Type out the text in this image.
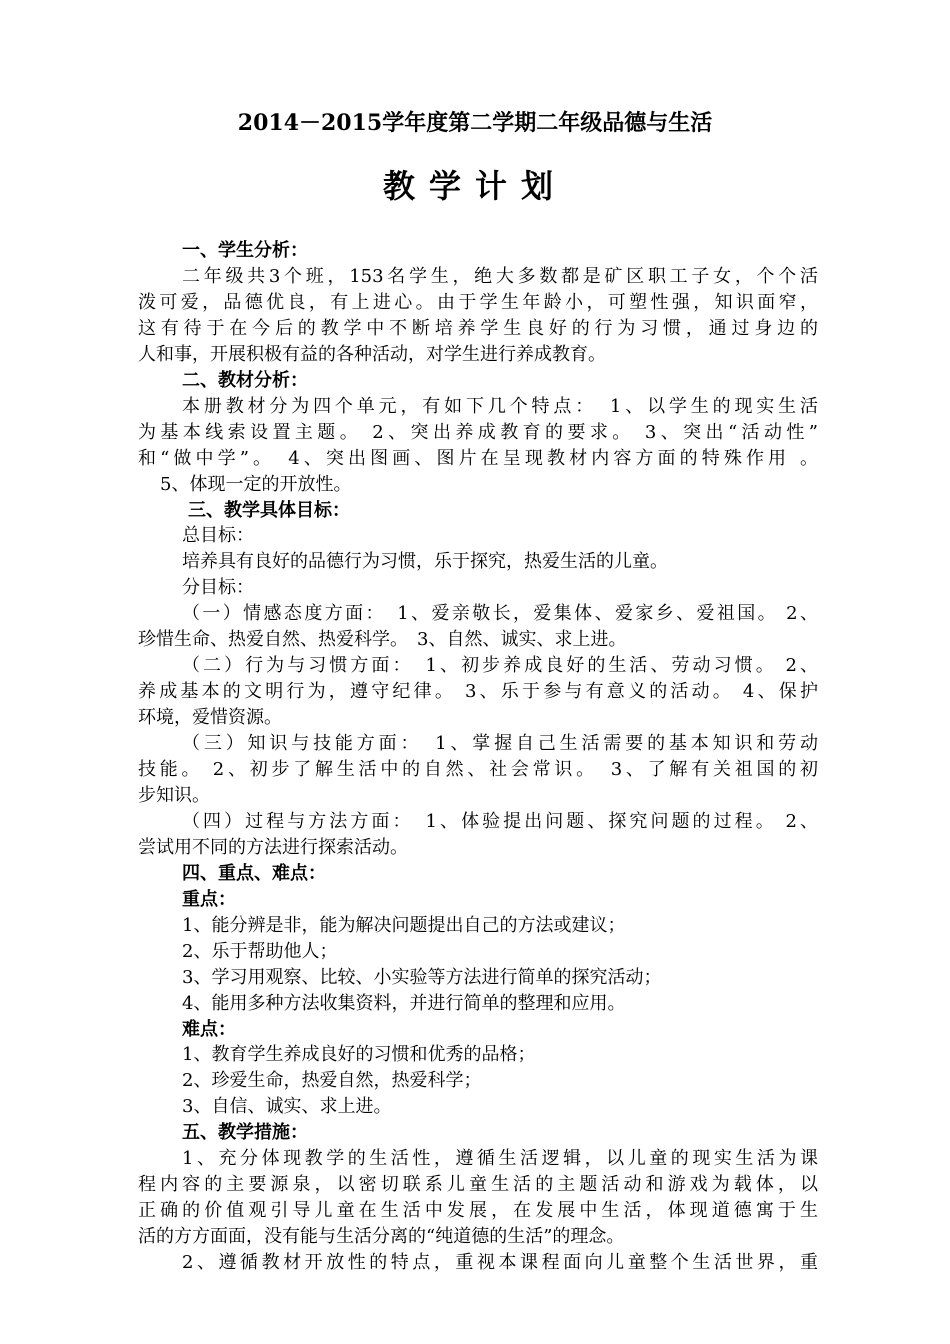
2014－2015学年度第二学期二年级品德与生活
教学计划
一、学生分析：
二年级共3个班，153名学生，绝大多数都是矿区职工子女，个个活
泼可爱，品德优良，有上进心。由于学生年龄小，可塑性强，知识面窄，
这有待于在今后的教学中不断培养学生良好的行为习惯，通过身边的
人和事，开展积极有益的各种活动，对学生进行养成教育。
二、教材分析：
本册教材分为四个单元，有如下几个特点：　1、以学生的现实生活
为基本线索设置主题。 2、突出养成教育的要求。 3、突出“活动性”
和“做中学”。　4、突出图画、图片在呈现教材内容方面的特殊作用 。
5、体现一定的开放性。
三、教学具体目标：
总目标：
培养具有良好的品德行为习惯，乐于探究，热爱生活的儿童。
分目标：
（一）情感态度方面：　1、爱亲敬长，爱集体、爱家乡、爱祖国。 2、
珍惜生命、热爱自然、热爱科学。　3、自然、诚实、求上进。
（二）行为与习惯方面：　1、初步养成良好的生活、劳动习惯。 2、
养成基本的文明行为，遵守纪律。 3、乐于参与有意义的活动。 4、保护
环境，爱惜资源。
（三）知识与技能方面：　1、掌握自己生活需要的基本知识和劳动
技能。 2、初步了解生活中的自然、社会常识。　3、了解有关祖国的初
步知识。
（四）过程与方法方面：　1、体验提出问题、探究问题的过程。 2、
尝试用不同的方法进行探索活动。
四、重点、难点：
重点：
1、能分辨是非，能为解决问题提出自己的方法或建议；
2、乐于帮助他人；
3、学习用观察、比较、小实验等方法进行简单的探究活动；
4、能用多种方法收集资料，并进行简单的整理和应用。
难点：
1、教育学生养成良好的习惯和优秀的品格；
2、珍爱生命，热爱自然，热爱科学；
3、自信、诚实、求上进。
五、教学措施：
1、充分体现教学的生活性，遵循生活逻辑，以儿童的现实生活为课
程内容的主要源泉，以密切联系儿童生活的主题活动和游戏为载体，以
正确的价值观引导儿童在生活中发展，在发展中生活，体现道德寓于生
活的方方面面，没有能与生活分离的“纯道德的生活”的理念。
2、遵循教材开放性的特点，重视本课程面向儿童整个生活世界，重
